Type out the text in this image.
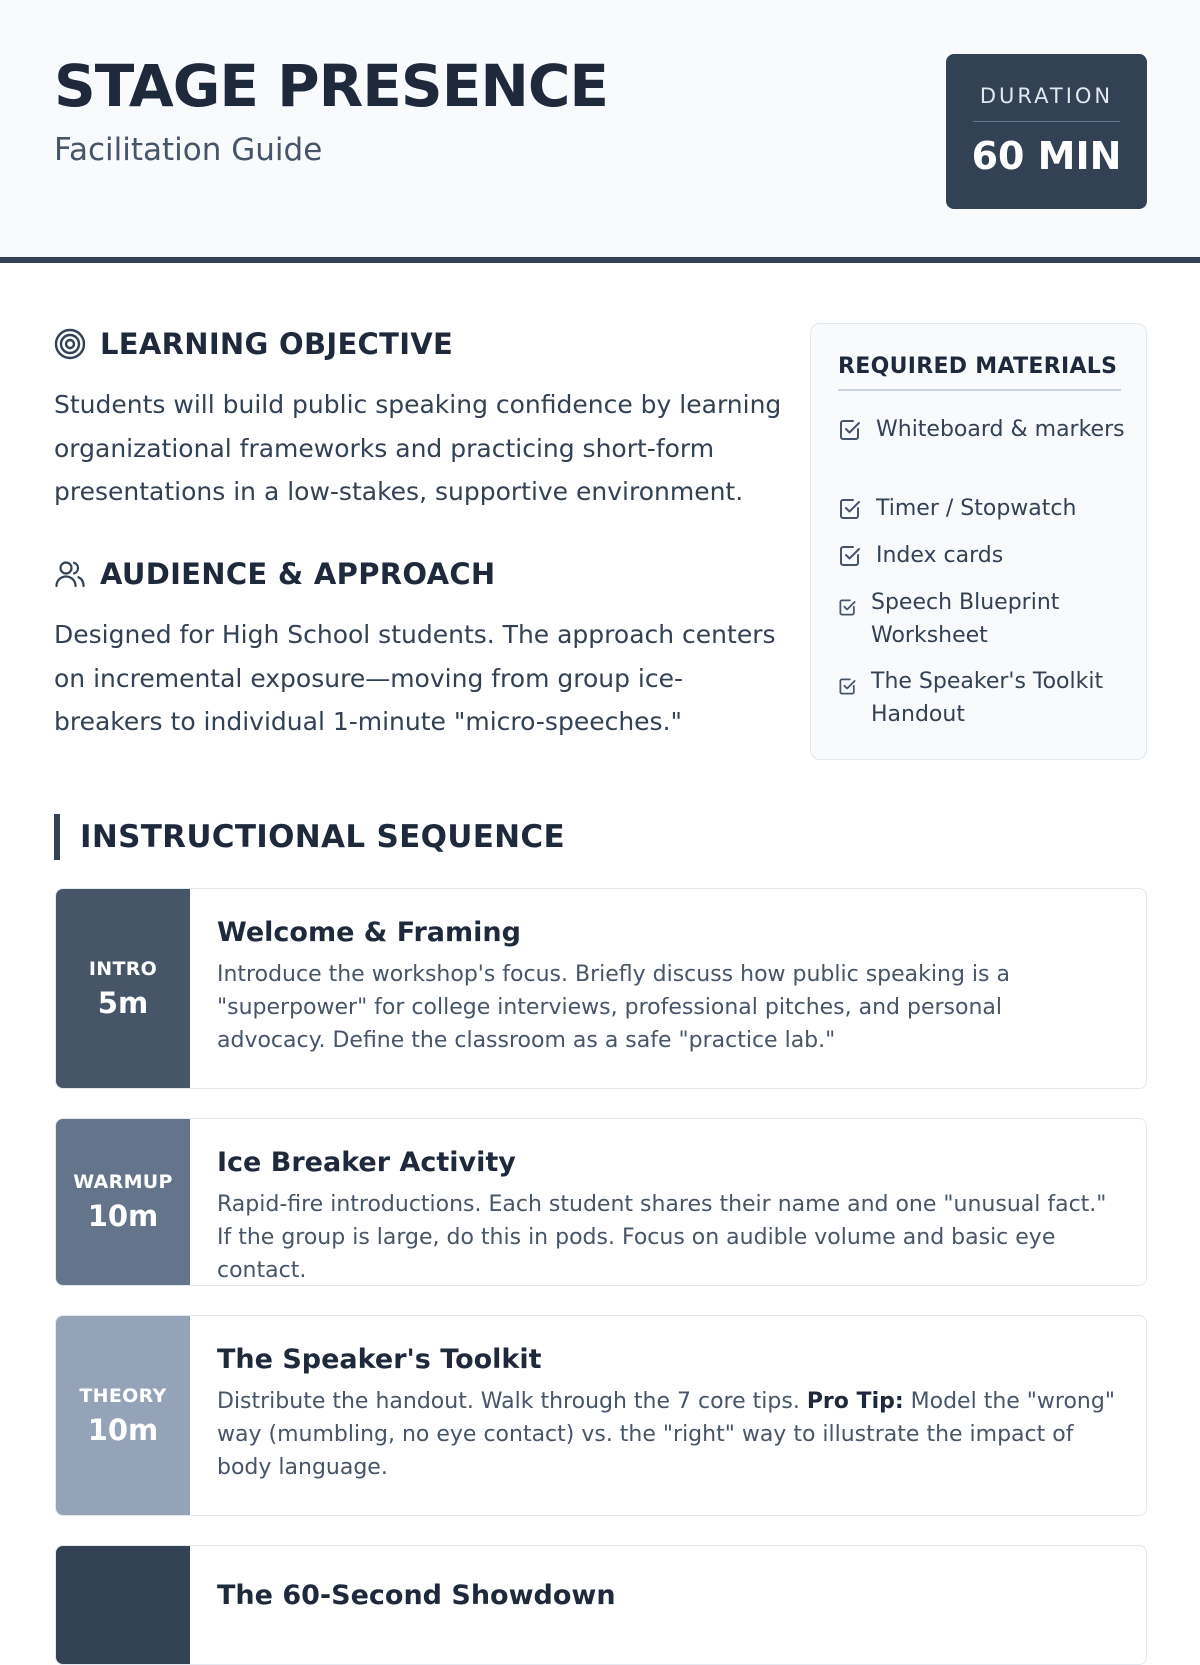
STAGE PRESENCE
Facilitation Guide
DURATION
60 MIN
LEARNING OBJECTIVE
Students will build public speaking confidence by learning organizational frameworks and practicing short-form presentations in a low-stakes, supportive environment.
AUDIENCE & APPROACH
Designed for High School students. The approach centers on incremental exposure—moving from group ice-breakers to individual 1-minute "micro-speeches."
REQUIRED MATERIALS
Whiteboard & markers
Timer / Stopwatch
Index cards
Speech Blueprint Worksheet
The Speaker's Toolkit Handout
INSTRUCTIONAL SEQUENCE
INTRO
5m
Welcome & Framing
Introduce the workshop's focus. Briefly discuss how public speaking is a "superpower" for college interviews, professional pitches, and personal advocacy. Define the classroom as a safe "practice lab."
WARMUP
10m
Ice Breaker Activity
Rapid-fire introductions. Each student shares their name and one "unusual fact." If the group is large, do this in pods. Focus on audible volume and basic eye contact.
THEORY
10m
The Speaker's Toolkit
Distribute the handout. Walk through the 7 core tips. Pro Tip: Model the "wrong" way (mumbling, no eye contact) vs. the "right" way to illustrate the impact of body language.
The 60-Second Showdown
